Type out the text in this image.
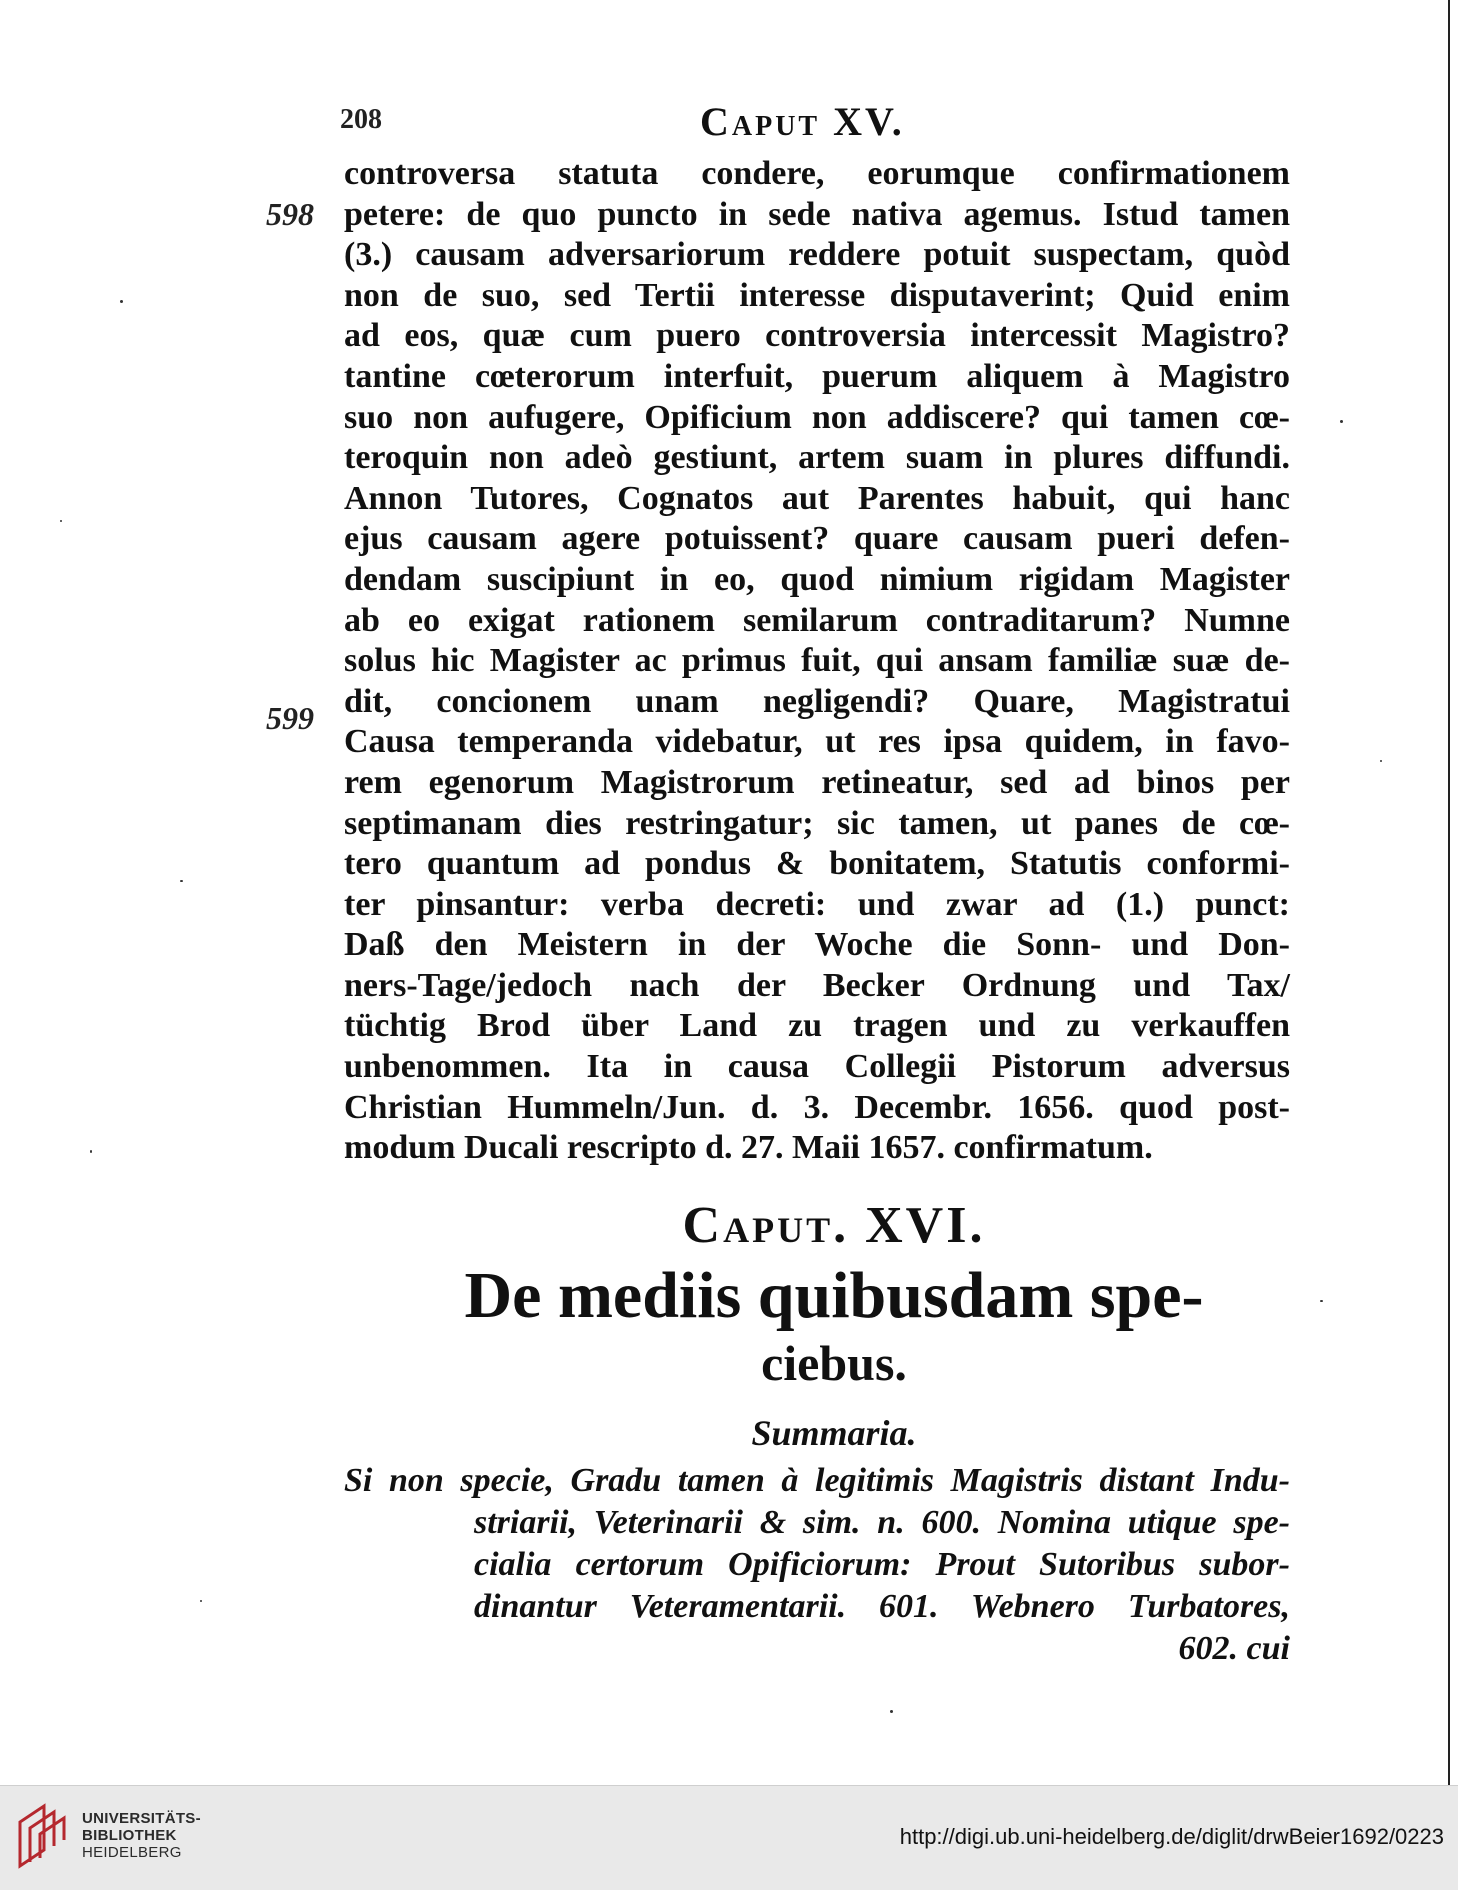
208	Caput XV.
598
599
controversa statuta condere, eorumque confirmationem
petere: de quo puncto in sede nativa agemus. Istud tamen
(3.) causam adversariorum reddere potuit suspectam, quòd
non de suo, sed Tertii interesse disputaverint; Quid enim
ad eos, quæ cum puero controversia intercessit Magistro?
tantine cœterorum interfuit, puerum aliquem à Magistro
suo non aufugere, Opificium non addiscere? qui tamen cœ-
teroquin non adeò gestiunt, artem suam in plures diffundi.
Annon Tutores, Cognatos aut Parentes habuit, qui hanc
ejus causam agere potuissent? quare causam pueri defen-
dendam suscipiunt in eo, quod nimium rigidam Magister
ab eo exigat rationem semilarum contraditarum? Numne
solus hic Magister ac primus fuit, qui ansam familiæ suæ de-
dit, concionem unam negligendi? Quare, Magistratui
Causa temperanda videbatur, ut res ipsa quidem, in favo-
rem egenorum Magistrorum retineatur, sed ad binos per
septimanam dies restringatur; sic tamen, ut panes de cœ-
tero quantum ad pondus & bonitatem, Statutis conformi-
ter pinsantur: verba decreti: und zwar ad (1.) punct:
Daß den Meistern in der Woche die Sonn- und Don-
ners-Tage/jedoch nach der Becker Ordnung und Tax/
tüchtig Brod über Land zu tragen und zu verkauffen
unbenommen. Ita in causa Collegii Pistorum adversus
Christian Hummeln/Jun. d. 3. Decembr. 1656. quod post-
modum Ducali rescripto d. 27. Maii 1657. confirmatum.
Caput. XVI.
De mediis quibusdam spe-
ciebus.
Summaria.
Si non specie, Gradu tamen à legitimis Magistris distant Indu-
striarii, Veterinarii & sim. n. 600. Nomina utique spe-
cialia certorum Opificiorum: Prout Sutoribus subor-
dinantur Veteramentarii. 601. Webnero Turbatores,
602. cui
UNIVERSITÄTS-
BIBLIOTHEK
HEIDELBERG
http://digi.ub.uni-heidelberg.de/diglit/drwBeier1692/0223
